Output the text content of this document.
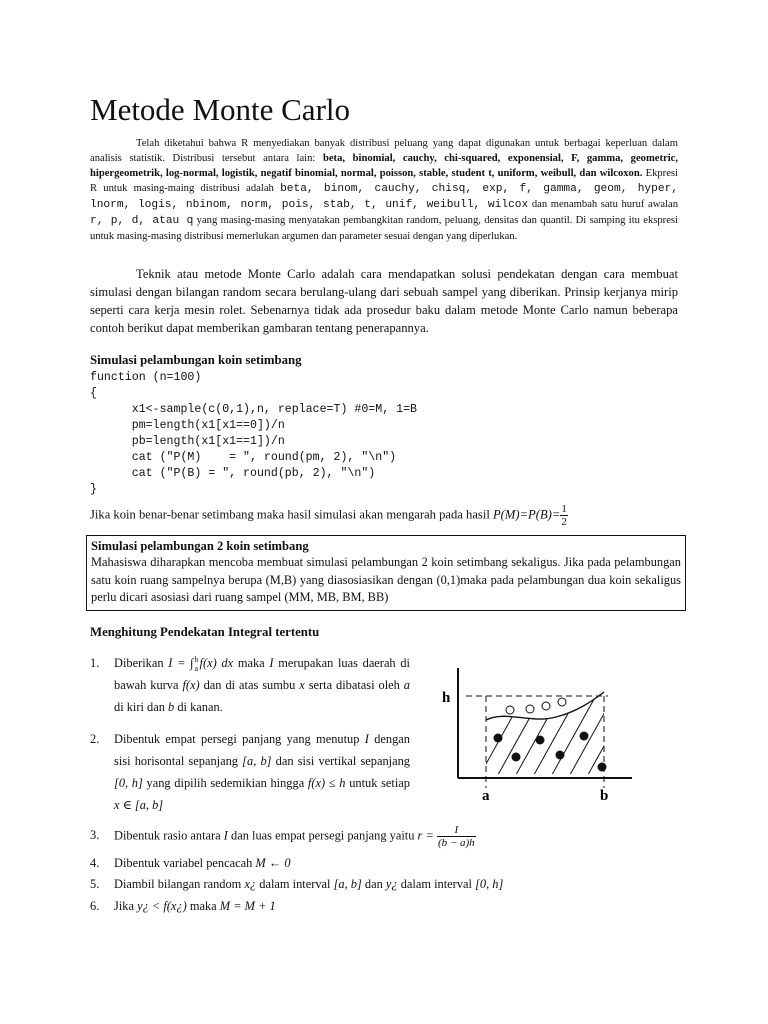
Metode Monte Carlo
Telah diketahui bahwa R menyediakan banyak distribusi peluang yang dapat digunakan untuk berbagai keperluan dalam analisis statistik. Distribusi tersebut antara lain: beta, binomial, cauchy, chi-squared, exponensial, F, gamma, geometric, hipergeometrik, log-normal, logistik, negatif binomial, normal, poisson, stable, student t, uniform, weibull, dan wilcoxon. Ekpresi R untuk masing-maing distribusi adalah beta, binom, cauchy, chisq, exp, f, gamma, geom, hyper, lnorm, logis, nbinom, norm, pois, stab, t, unif, weibull, wilcox dan menambah satu huruf awalan r, p, d, atau q yang masing-masing menyatakan pembangkitan random, peluang, densitas dan quantil. Di samping itu ekspresi untuk masing-masing distribusi memerlukan argumen dan parameter sesuai dengan yang diperlukan.
Teknik atau metode Monte Carlo adalah cara mendapatkan solusi pendekatan dengan cara membuat simulasi dengan bilangan random secara berulang-ulang dari sebuah sampel yang diberikan. Prinsip kerjanya mirip seperti cara kerja mesin rolet. Sebenarnya tidak ada prosedur baku dalam metode Monte Carlo namun beberapa contoh berikut dapat memberikan gambaran tentang penerapannya.
Simulasi pelambungan koin setimbang
function (n=100)
{
x1<-sample(c(0,1),n, replace=T) #0=M, 1=B
pm=length(x1[x1==0])/n
pb=length(x1[x1==1])/n
cat ("P(M)    = ", round(pm, 2), "\n")
cat ("P(B) = ", round(pb, 2), "\n")
}
Jika koin benar-benar setimbang maka hasil simulasi akan mengarah pada hasil $P(M)=P(B)= \frac{1}{2}$
Simulasi pelambungan 2 koin setimbang
Mahasiswa diharapkan mencoba membuat simulasi pelambungan 2 koin setimbang sekaligus. Jika pada pelambungan satu koin ruang sampelnya berupa (M,B) yang diasosiasikan dengan (0,1)maka pada pelambungan dua koin sekaligus perlu dicari asosiasi dari ruang sampel (MM, MB, BM, BB)
Menghitung Pendekatan Integral tertentu
1.	Diberikan I = ∫ b
a f(x) dx maka I merupakan luas daerah di bawah kurva f(x) dan di atas sumbu x serta dibatasi oleh a di kiri dan b di kanan.
2.	Dibentuk empat persegi panjang yang menutup I dengan sisi horisontal sepanjang [a, b] dan sisi vertikal sepanjang [0, h] yang dipilih sedemikian hingga f(x) ≤ h untuk setiap x ∈ [a, b]
3.	Dibentuk rasio antara I dan luas empat persegi panjang yaitu $r = \frac{I}{(b - a)h}$
4.	Dibentuk variabel pencacah M ← 0
5.	Diambil bilangan random x¿ dalam interval [a, b] dan y¿ dalam interval [0, h]
6.	Jika y¿ < f(x¿) maka M = M + 1
h
a	b
